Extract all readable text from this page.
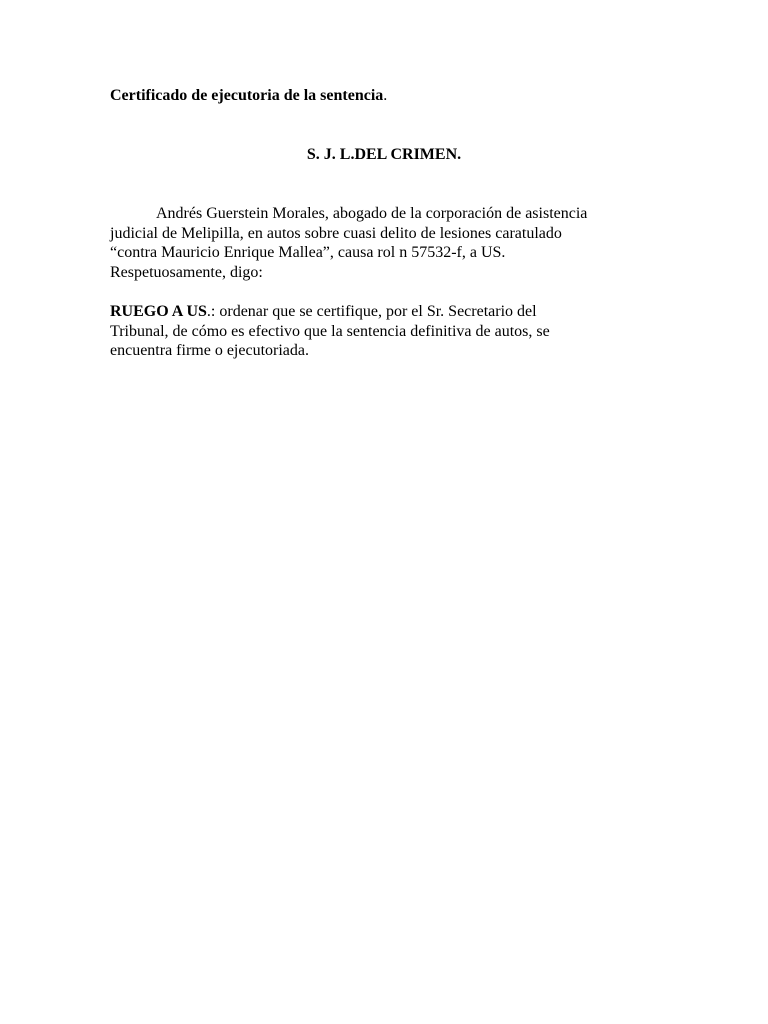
Certificado de ejecutoria de la sentencia.
S. J. L.DEL CRIMEN.
Andrés Guerstein Morales, abogado de la corporación de asistencia
judicial de Melipilla, en autos sobre cuasi delito de lesiones caratulado
“contra Mauricio Enrique Mallea”, causa rol n 57532-f, a US.
Respetuosamente, digo:
RUEGO A US.: ordenar que se certifique, por el Sr. Secretario del
Tribunal, de cómo es efectivo que la sentencia definitiva de autos, se
encuentra firme o ejecutoriada.
